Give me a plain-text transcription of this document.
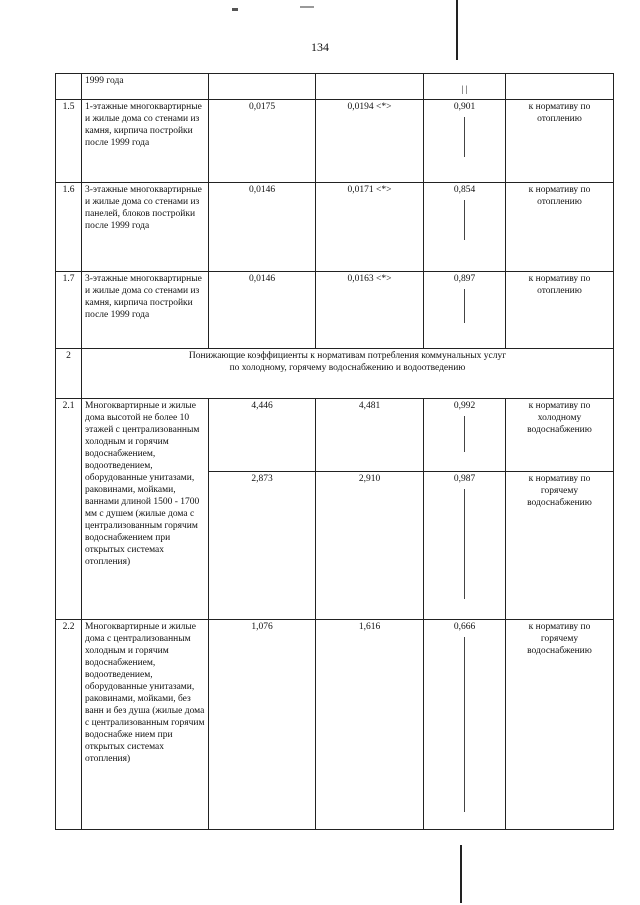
134
	1999 года			| |	
1.5	1-этажные многоквартирные и жилые дома со стенами из камня, кирпича постройки после 1999 года	0,0175	0,0194 <*>	0,901	к нормативу по отоплению
1.6	3-этажные многоквартирные и жилые дома со стенами из панелей, блоков постройки после 1999 года	0,0146	0,0171 <*>	0,854	к нормативу по отоплению
1.7	3-этажные многоквартирные и жилые дома со стенами из камня, кирпича постройки после 1999 года	0,0146	0,0163 <*>	0,897	к нормативу по отоплению
2	Понижающие коэффициенты к нормативам потребления коммунальных услуг
по холодному, горячему водоснабжению и водоотведению				

2.1	Многоквартирные и жилые дома высотой не более 10 этажей с централизованным холодным и горячим водоснабжением, водоотведением, оборудованные унитазами, раковинами, мойками, ваннами длиной 1500 - 1700 мм с душем (жилые дома с централизованным горячим водоснабжением при открытых системах отопления)	4,446	4,481	0,992	к нормативу по холодному водоснабжению
		2,873	2,910	0,987	к нормативу по горячему водоснабжению
2.2	Многоквартирные и жилые дома с централизованным холодным и горячим водоснабжением, водоотведением, оборудованные унитазами, раковинами, мойками, без ванн и без душа (жилые дома с централизованным горячим водоснабже нием при открытых системах отопления)	1,076	1,616	0,666	к нормативу по горячему водоснабжению
